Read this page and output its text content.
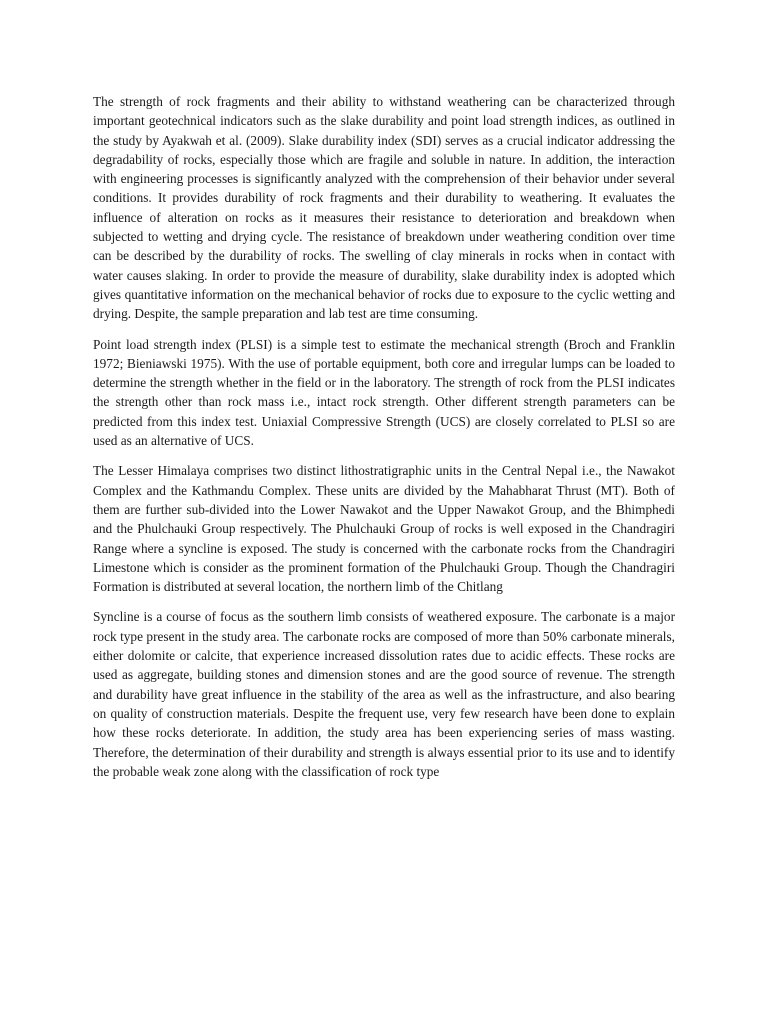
The strength of rock fragments and their ability to withstand weathering can be characterized through important geotechnical indicators such as the slake durability and point load strength indices, as outlined in the study by Ayakwah et al. (2009). Slake durability index (SDI) serves as a crucial indicator addressing the degradability of rocks, especially those which are fragile and soluble in nature. In addition, the interaction with engineering processes is significantly analyzed with the comprehension of their behavior under several conditions. It provides durability of rock fragments and their durability to weathering. It evaluates the influence of alteration on rocks as it measures their resistance to deterioration and breakdown when subjected to wetting and drying cycle. The resistance of breakdown under weathering condition over time can be described by the durability of rocks. The swelling of clay minerals in rocks when in contact with water causes slaking. In order to provide the measure of durability, slake durability index is adopted which gives quantitative information on the mechanical behavior of rocks due to exposure to the cyclic wetting and drying. Despite, the sample preparation and lab test are time consuming.

Point load strength index (PLSI) is a simple test to estimate the mechanical strength (Broch and Franklin 1972; Bieniawski 1975). With the use of portable equipment, both core and irregular lumps can be loaded to determine the strength whether in the field or in the laboratory. The strength of rock from the PLSI indicates the strength other than rock mass i.e., intact rock strength. Other different strength parameters can be predicted from this index test. Uniaxial Compressive Strength (UCS) are closely correlated to PLSI so are used as an alternative of UCS.

The Lesser Himalaya comprises two distinct lithostratigraphic units in the Central Nepal i.e., the Nawakot Complex and the Kathmandu Complex. These units are divided by the Mahabharat Thrust (MT). Both of them are further sub-divided into the Lower Nawakot and the Upper Nawakot Group, and the Bhimphedi and the Phulchauki Group respectively. The Phulchauki Group of rocks is well exposed in the Chandragiri Range where a syncline is exposed. The study is concerned with the carbonate rocks from the Chandragiri Limestone which is consider as the prominent formation of the Phulchauki Group. Though the Chandragiri Formation is distributed at several location, the northern limb of the Chitlang

Syncline is a course of focus as the southern limb consists of weathered exposure. The carbonate is a major rock type present in the study area. The carbonate rocks are composed of more than 50% carbonate minerals, either dolomite or calcite, that experience increased dissolution rates due to acidic effects. These rocks are used as aggregate, building stones and dimension stones and are the good source of revenue. The strength and durability have great influence in the stability of the area as well as the infrastructure, and also bearing on quality of construction materials. Despite the frequent use, very few research have been done to explain how these rocks deteriorate. In addition, the study area has been experiencing series of mass wasting. Therefore, the determination of their durability and strength is always essential prior to its use and to identify the probable weak zone along with the classification of rock type
